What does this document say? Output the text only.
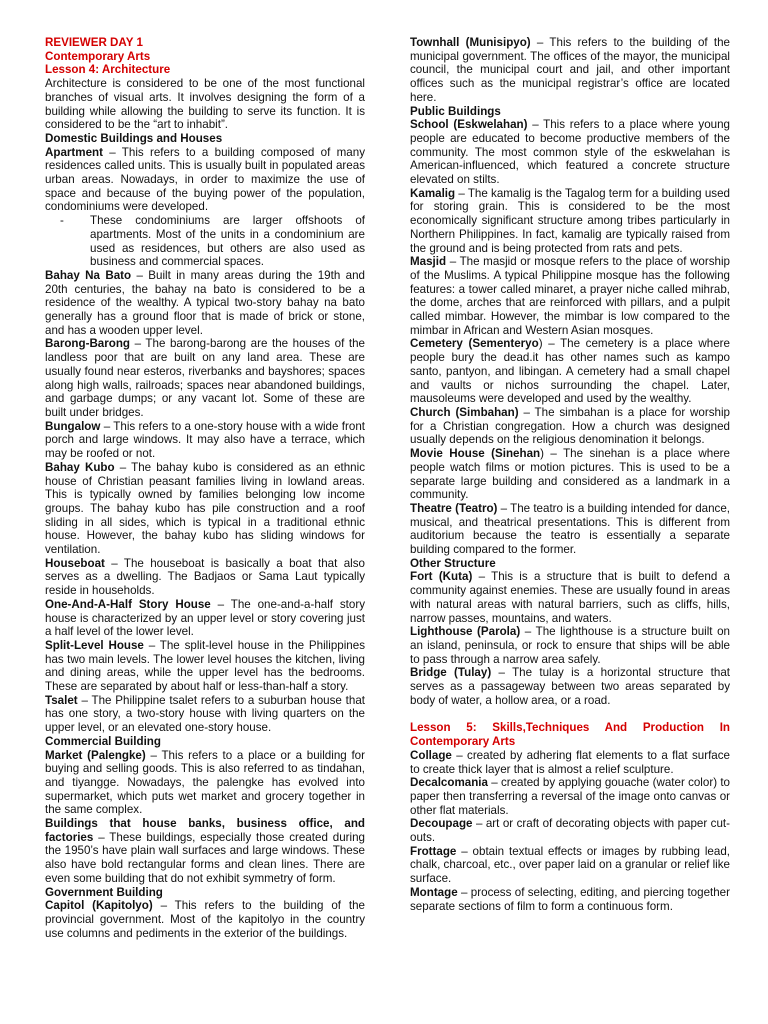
REVIEWER DAY 1

Contemporary Arts

Lesson 4: Architecture

Architecture is considered to be one of the most functional branches of visual arts. It involves designing the form of a building while allowing the building to serve its function. It is considered to be the “art to inhabit”.

Domestic Buildings and Houses

Apartment – This refers to a building composed of many residences called units. This is usually built in populated areas urban areas. Nowadays, in order to maximize the use of space and because of the buying power of the population, condominiums were developed.

-	These condominiums are larger offshoots of apartments. Most of the units in a condominium are used as residences, but others are also used as business and commercial spaces.

Bahay Na Bato – Built in many areas during the 19th and 20th centuries, the bahay na bato is considered to be a residence of the wealthy. A typical two-story bahay na bato generally has a ground floor that is made of brick or stone, and has a wooden upper level.

Barong-Barong – The barong-barong are the houses of the landless poor that are built on any land area. These are usually found near esteros, riverbanks and bayshores; spaces along high walls, railroads; spaces near abandoned buildings, and garbage dumps; or any vacant lot. Some of these are built under bridges.

Bungalow – This refers to a one-story house with a wide front porch and large windows. It may also have a terrace, which may be roofed or not.

Bahay Kubo – The bahay kubo is considered as an ethnic house of Christian peasant families living in lowland areas. This is typically owned by families belonging low income groups. The bahay kubo has pile construction and a roof sliding in all sides, which is typical in a traditional ethnic house. However, the bahay kubo has sliding windows for ventilation.

Houseboat – The houseboat is basically a boat that also serves as a dwelling. The Badjaos or Sama Laut typically reside in households.

One-And-A-Half Story House – The one-and-a-half story house is characterized by an upper level or story covering just a half level of the lower level.

Split-Level House – The split-level house in the Philippines has two main levels. The lower level houses the kitchen, living and dining areas, while the upper level has the bedrooms. These are separated by about half or less-than-half a story.

Tsalet – The Philippine tsalet refers to a suburban house that has one story, a two-story house with living quarters on the upper level, or an elevated one-story house.

Commercial Building

Market (Palengke) – This refers to a place or a building for buying and selling goods. This is also referred to as tindahan, and tiyangge. Nowadays, the palengke has evolved into supermarket, which puts wet market and grocery together in the same complex.

Buildings that house banks, business office, and factories – These buildings, especially those created during the 1950’s have plain wall surfaces and large windows. These also have bold rectangular forms and clean lines. There are even some building that do not exhibit symmetry of form.

Government Building

Capitol (Kapitolyo) – This refers to the building of the provincial government. Most of the kapitolyo in the country use columns and pediments in the exterior of the buildings.

Townhall (Munisipyo) – This refers to the building of the municipal government. The offices of the mayor, the municipal council, the municipal court and jail, and other important offices such as the municipal registrar’s office are located here.

Public Buildings

School (Eskwelahan) – This refers to a place where young people are educated to become productive members of the community. The most common style of the eskwelahan is American-influenced, which featured a concrete structure elevated on stilts.

Kamalig – The kamalig is the Tagalog term for a building used for storing grain. This is considered to be the most economically significant structure among tribes particularly in Northern Philippines. In fact, kamalig are typically raised from the ground and is being protected from rats and pets.

Masjid – The masjid or mosque refers to the place of worship of the Muslims. A typical Philippine mosque has the following features: a tower called minaret, a prayer niche called mihrab, the dome, arches that are reinforced with pillars, and a pulpit called mimbar. However, the mimbar is low compared to the mimbar in African and Western Asian mosques.

Cemetery (Sementeryo) – The cemetery is a place where people bury the dead.it has other names such as kampo santo, pantyon, and libingan. A cemetery had a small chapel and vaults or nichos surrounding the chapel. Later, mausoleums were developed and used by the wealthy.

Church (Simbahan) – The simbahan is a place for worship for a Christian congregation. How a church was designed usually depends on the religious denomination it belongs.

Movie House (Sinehan) – The sinehan is a place where people watch films or motion pictures. This is used to be a separate large building and considered as a landmark in a community.

Theatre (Teatro) – The teatro is a building intended for dance, musical, and theatrical presentations. This is different from auditorium because the teatro is essentially a separate building compared to the former.

Other Structure

Fort (Kuta) – This is a structure that is built to defend a community against enemies. These are usually found in areas with natural areas with natural barriers, such as cliffs, hills, narrow passes, mountains, and waters.

Lighthouse (Parola) – The lighthouse is a structure built on an island, peninsula, or rock to ensure that ships will be able to pass through a narrow area safely.

Bridge (Tulay) – The tulay is a horizontal structure that serves as a passageway between two areas separated by body of water, a hollow area, or a road.

Lesson 5: Skills,Techniques And Production In Contemporary Arts

Collage – created by adhering flat elements to a flat surface to create thick layer that is almost a relief sculpture.

Decalcomania – created by applying gouache (water color) to paper then transferring a reversal of the image onto canvas or other flat materials.

Decoupage – art or craft of decorating objects with paper cut-outs.

Frottage – obtain textual effects or images by rubbing lead, chalk, charcoal, etc., over paper laid on a granular or relief like surface.

Montage – process of selecting, editing, and piercing together separate sections of film to form a continuous form.
